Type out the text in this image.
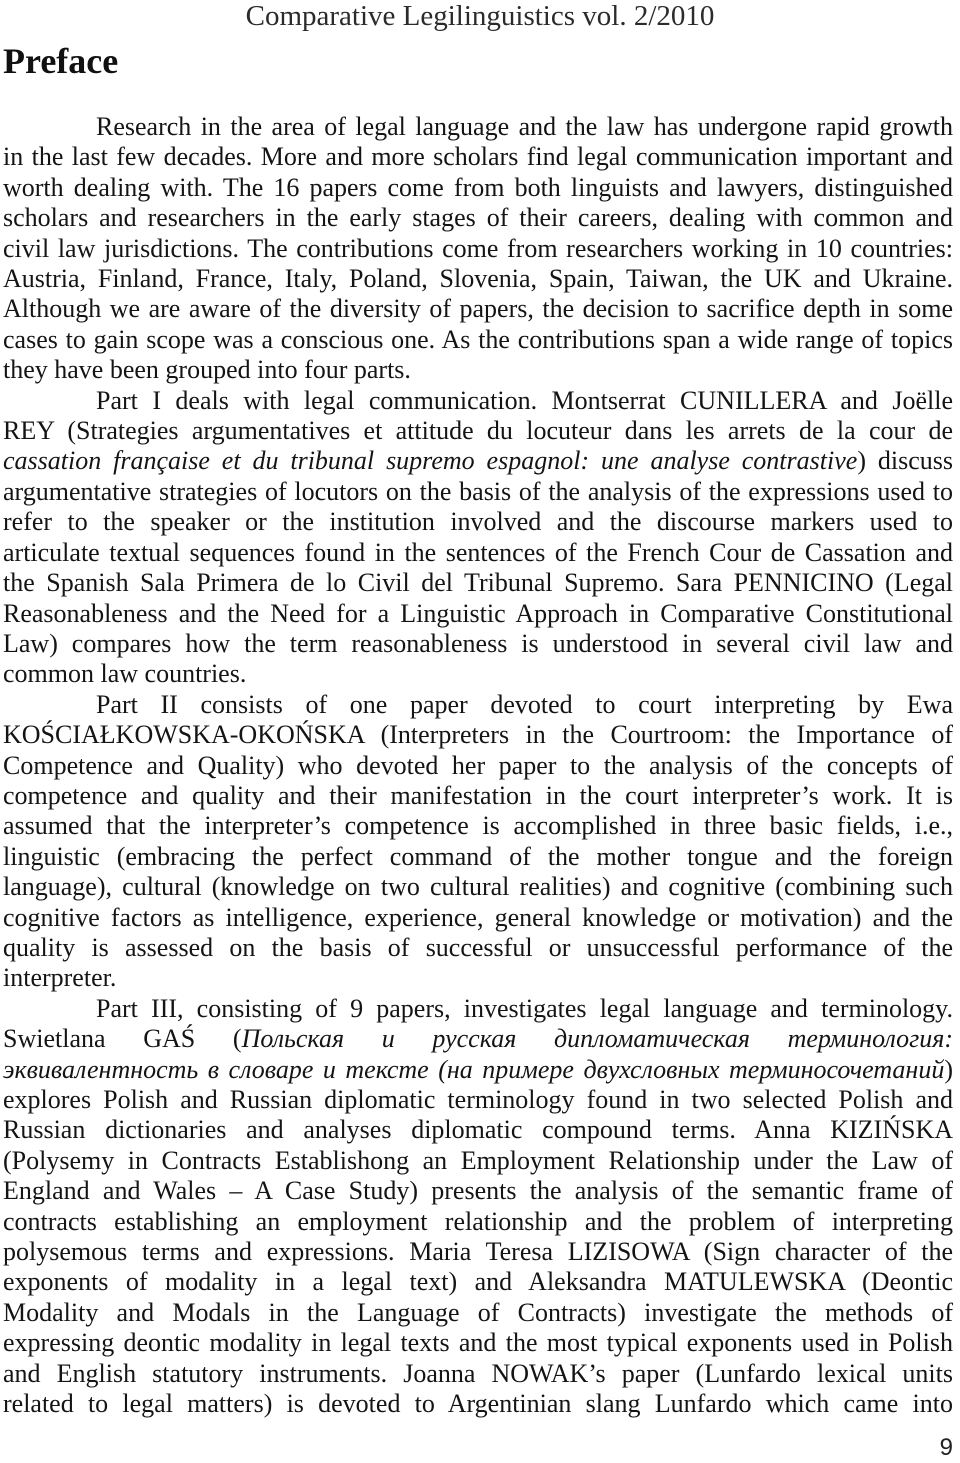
Comparative Legilinguistics vol. 2/2010
Preface
Research in the area of legal language and the law has undergone rapid growth
in the last few decades. More and more scholars find legal communication important and
worth dealing with. The 16 papers come from both linguists and lawyers, distinguished
scholars and researchers in the early stages of their careers, dealing with common and
civil law jurisdictions. The contributions come from researchers working in 10 countries:
Austria, Finland, France, Italy, Poland, Slovenia, Spain, Taiwan, the UK and Ukraine.
Although we are aware of the diversity of papers, the decision to sacrifice depth in some
cases to gain scope was a conscious one. As the contributions span a wide range of topics
they have been grouped into four parts.
Part I deals with legal communication. Montserrat CUNILLERA and Joëlle
REY (Strategies argumentatives et attitude du locuteur dans les arrets de la cour de
cassation française et du tribunal supremo espagnol: une analyse contrastive) discuss
argumentative strategies of locutors on the basis of the analysis of the expressions used to
refer to the speaker or the institution involved and the discourse markers used to
articulate textual sequences found in the sentences of the French Cour de Cassation and
the Spanish Sala Primera de lo Civil del Tribunal Supremo. Sara PENNICINO (Legal
Reasonableness and the Need for a Linguistic Approach in Comparative Constitutional
Law) compares how the term reasonableness is understood in several civil law and
common law countries.
Part II consists of one paper devoted to court interpreting by Ewa
KOŚCIAŁKOWSKA-OKOŃSKA (Interpreters in the Courtroom: the Importance of
Competence and Quality) who devoted her paper to the analysis of the concepts of
competence and quality and their manifestation in the court interpreter’s work. It is
assumed that the interpreter’s competence is accomplished in three basic fields, i.e.,
linguistic (embracing the perfect command of the mother tongue and the foreign
language), cultural (knowledge on two cultural realities) and cognitive (combining such
cognitive factors as intelligence, experience, general knowledge or motivation) and the
quality is assessed on the basis of successful or unsuccessful performance of the
interpreter.
Part III, consisting of 9 papers, investigates legal language and terminology.
Swietlana GAŚ (Польская и русская дипломатическая терминология:
эквивалентность в словаре и тексте (на примере двухсловных терминосочетаний)
explores Polish and Russian diplomatic terminology found in two selected Polish and
Russian dictionaries and analyses diplomatic compound terms. Anna KIZIŃSKA
(Polysemy in Contracts Establishong an Employment Relationship under the Law of
England and Wales – A Case Study) presents the analysis of the semantic frame of
contracts establishing an employment relationship and the problem of interpreting
polysemous terms and expressions. Maria Teresa LIZISOWA (Sign character of the
exponents of modality in a legal text) and Aleksandra MATULEWSKA (Deontic
Modality and Modals in the Language of Contracts) investigate the methods of
expressing deontic modality in legal texts and the most typical exponents used in Polish
and English statutory instruments. Joanna NOWAK’s paper (Lunfardo lexical units
related to legal matters) is devoted to Argentinian slang Lunfardo which came into
9
